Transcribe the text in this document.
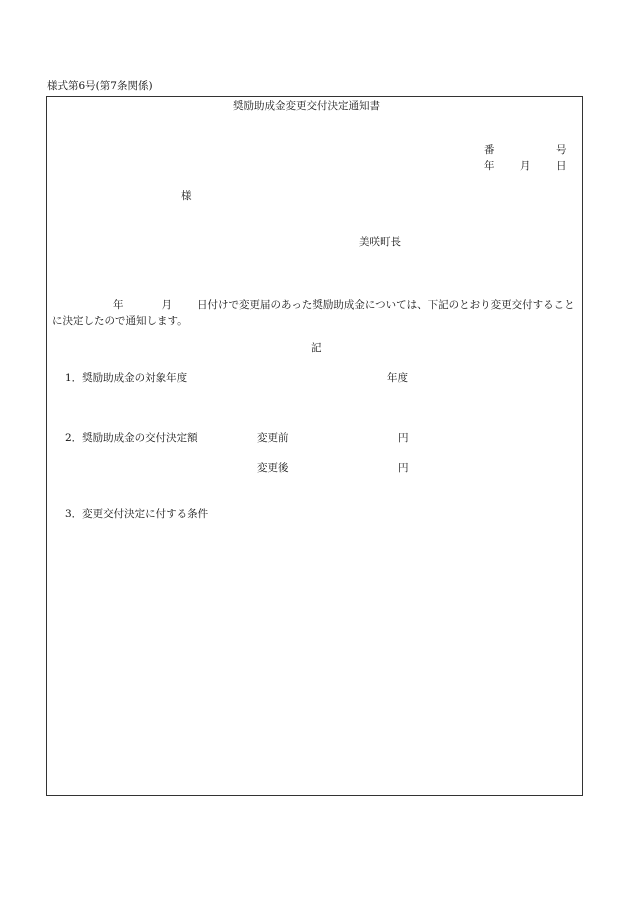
様式第6号(第7条関係)
奨励助成金変更交付決定通知書
番	号
年 月 日
様
美咲町長
年	月 日付けで変更届のあった奨励助成金については、下記のとおり変更交付することに決定したので通知します。
記
1．奨励助成金の対象年度	年度
2．奨励助成金の交付決定額	変更前	円
変更後	円
3．変更交付決定に付する条件
